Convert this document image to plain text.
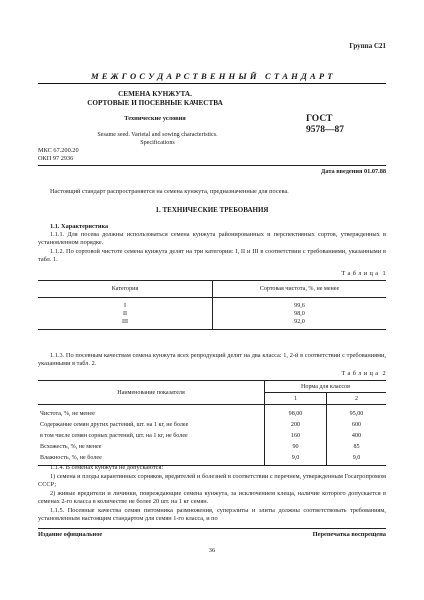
Группа С21
М Е Ж Г О С У Д А Р С Т В Е Н Н Ы Й   С Т А Н Д А Р Т
СЕМЕНА КУНЖУТА.
СОРТОВЫЕ И ПОСЕВНЫЕ КАЧЕСТВА
Технические условия
Sesame seed. Varietal and sowing characteristics.
Specifications
ГОСТ
9578—87
МКС 67.200.20
ОКП 97 2936
Дата введения 01.07.88
Настоящий стандарт распространяется на семена кунжута, предназначенные для посева.
1. ТЕХНИЧЕСКИЕ ТРЕБОВАНИЯ
1.1. Характеристика
1.1.1. Для посева должны использоваться семена кунжута районированных и перспективных сортов, утвержденных в установленном порядке.
1.1.2. По сортовой чистоте семена кунжута делят на три категории: I, II и III в соответствии с требованиями, указанными в табл. 1.
Т а б л и ц а  1
Категория	Сортовая чистота, %, не менее
I	99,6
II	98,0
III	92,0
1.1.3. По посевным качествам семена кунжута всех репродукций делят на два класса: 1, 2-й в соответствии с требованиями, указанными в табл. 2.
Т а б л и ц а  2
Наименование показателя	Норма для классов	
	1	2
Чистота, %, не менее	98,00	95,00
Содержание семян других растений, шт. на 1 кг, не более	200	600
в том числе семян сорных растений, шт. на 1 кг, не более	160	400
Всхожесть, %, не менее	90	85
Влажность, %, не более	9,0	9,0
1.1.4. В семенах кунжута не допускаются:
1) семена и плоды карантинных сорняков, вредителей и болезней в соответствии с перечнем, утвержденным Госагропромом СССР;
2) живые вредители и личинки, повреждающие семена кунжута, за исключением клеща, наличие которого допускается в семенах 2-го класса в количестве не более 20 шт. на 1 кг семян.
1.1.5. Посевные качества семян питомника размножения, суперэлиты и элиты должны соответствовать требованиям, установленным настоящим стандартом для семян 1-го класса, и по
Издание официальное	Перепечатка воспрещена
36
